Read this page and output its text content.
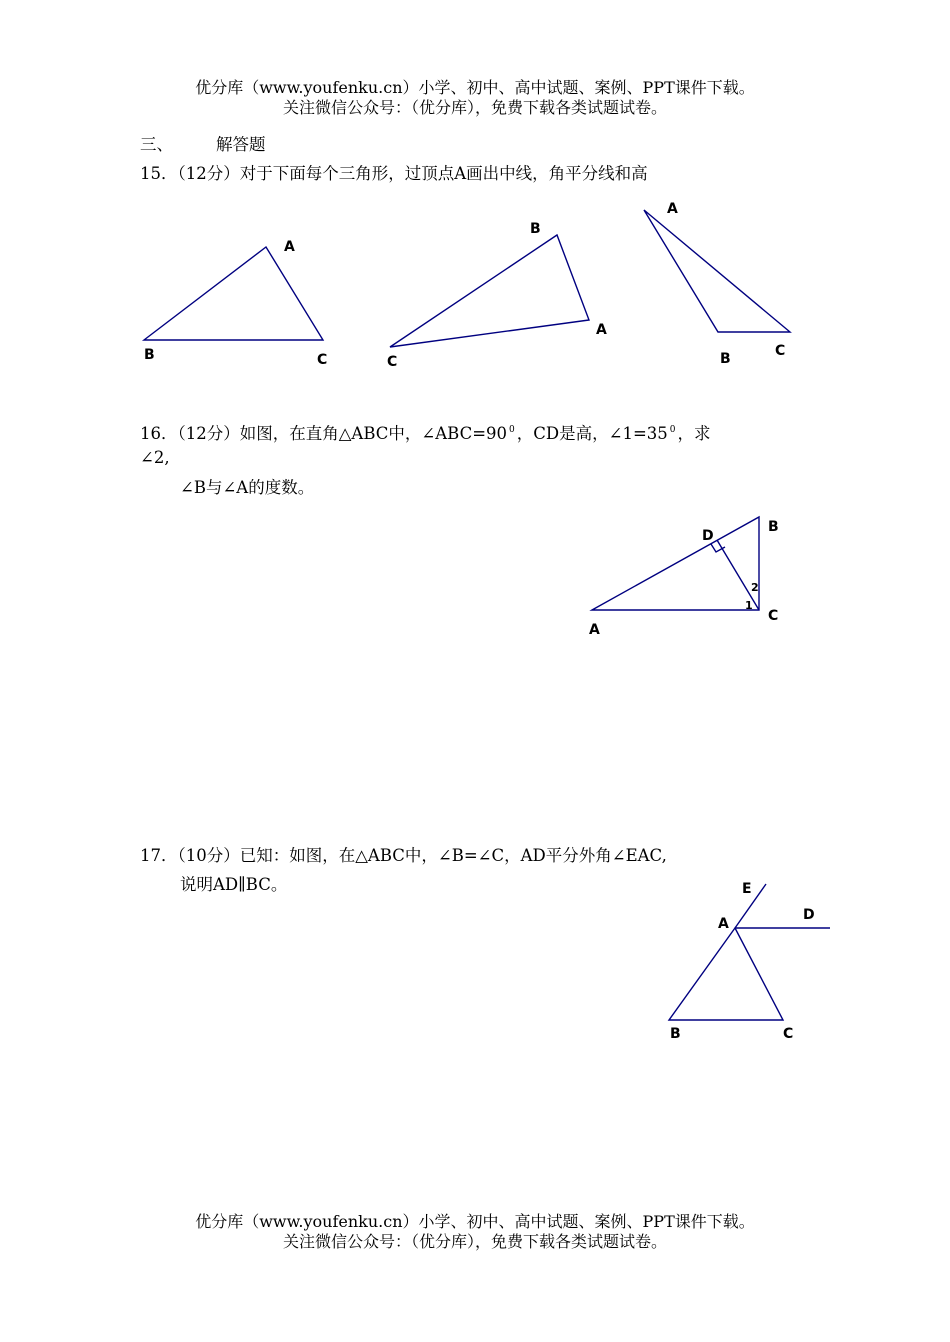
优分库（www.youfenku.cn）小学、初中、高中试题、案例、PPT课件下载。
关注微信公众号：（优分库），免费下载各类试题试卷。
三、	解答题
15．（12分）对于下面每个三角形，过顶点A画出中线，角平分线和高
A
B	C
B
A
C
A
B	C
16．（12分）如图，在直角△ABC中，∠ABC=90 $^0$ ，CD是高，∠1=35 $^0$ ，求
∠2,
∠B与∠A的度数。
D
B
A
C
2
1
17．（10分）已知：如图，在△ABC中，∠B=∠C，AD平分外角∠EAC,
说明AD∥BC。	E
D
A
B	C
优分库（www.youfenku.cn）小学、初中、高中试题、案例、PPT课件下载。
关注微信公众号：（优分库），免费下载各类试题试卷。
